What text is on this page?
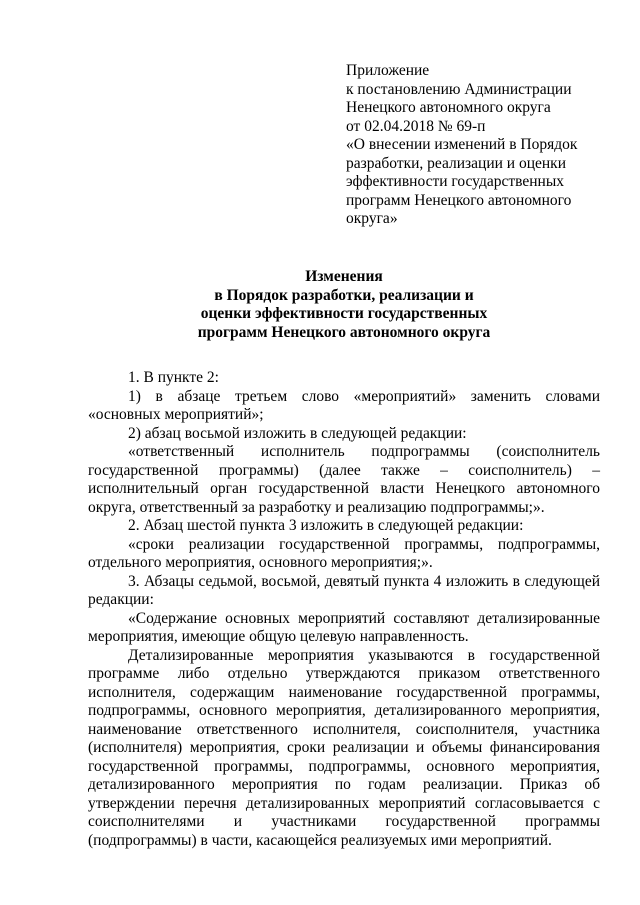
Приложение
к постановлению Администрации
Ненецкого автономного округа
от 02.04.2018 № 69-п
«О внесении изменений в Порядок
разработки, реализации и оценки
эффективности государственных
программ Ненецкого автономного
округа»
Изменения
в Порядок разработки, реализации и
оценки эффективности государственных
программ Ненецкого автономного округа

1. В пункте 2:

1) в абзаце третьем слово «мероприятий» заменить словами «основных мероприятий»;

2) абзац восьмой изложить в следующей редакции:

«ответственный исполнитель подпрограммы (соисполнитель государственной программы) (далее также – соисполнитель) – исполнительный орган государственной власти Ненецкого автономного округа, ответственный за разработку и реализацию подпрограммы;».

2. Абзац шестой пункта 3 изложить в следующей редакции:

«сроки реализации государственной программы, подпрограммы, отдельного мероприятия, основного мероприятия;».

3. Абзацы седьмой, восьмой, девятый пункта 4 изложить в следующей редакции:

«Содержание основных мероприятий составляют детализированные мероприятия, имеющие общую целевую направленность.

Детализированные мероприятия указываются в государственной программе либо отдельно утверждаются приказом ответственного исполнителя, содержащим наименование государственной программы, подпрограммы, основного мероприятия, детализированного мероприятия, наименование ответственного исполнителя, соисполнителя, участника (исполнителя) мероприятия, сроки реализации и объемы финансирования государственной программы, подпрограммы, основного мероприятия, детализированного мероприятия по годам реализации. Приказ об утверждении перечня детализированных мероприятий согласовывается с соисполнителями и участниками государственной программы (подпрограммы) в части, касающейся реализуемых ими мероприятий.
